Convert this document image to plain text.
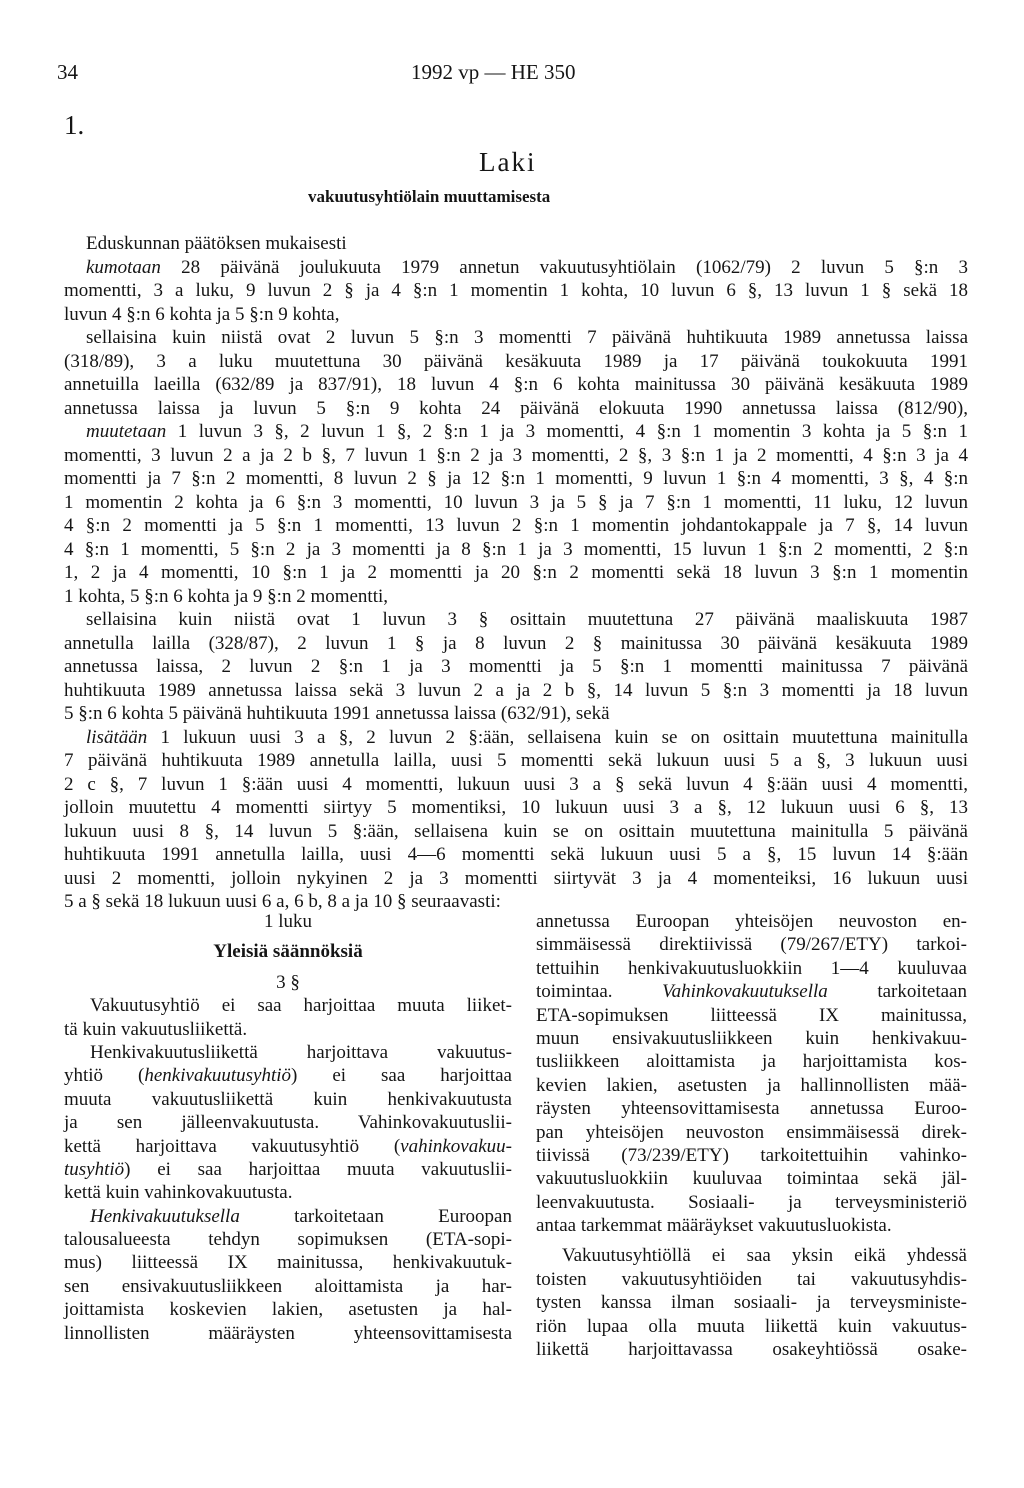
34	1992 vp — HE 350
1.
Laki
vakuutusyhtiölain muuttamisesta
Eduskunnan päätöksen mukaisesti
kumotaan 28 päivänä joulukuuta 1979 annetun vakuutusyhtiölain (1062/79) 2 luvun 5 §:n 3
momentti, 3 a luku, 9 luvun 2 § ja 4 §:n 1 momentin 1 kohta, 10 luvun 6 §, 13 luvun 1 § sekä 18
luvun 4 §:n 6 kohta ja 5 §:n 9 kohta,
sellaisina kuin niistä ovat 2 luvun 5 §:n 3 momentti 7 päivänä huhtikuuta 1989 annetussa laissa
(318/89), 3 a luku muutettuna 30 päivänä kesäkuuta 1989 ja 17 päivänä toukokuuta 1991
annetuilla laeilla (632/89 ja 837/91), 18 luvun 4 §:n 6 kohta mainitussa 30 päivänä kesäkuuta 1989
annetussa laissa ja luvun 5 §:n 9 kohta 24 päivänä elokuuta 1990 annetussa laissa (812/90),
muutetaan 1 luvun 3 §, 2 luvun 1 §, 2 §:n 1 ja 3 momentti, 4 §:n 1 momentin 3 kohta ja 5 §:n 1
momentti, 3 luvun 2 a ja 2 b §, 7 luvun 1 §:n 2 ja 3 momentti, 2 §, 3 §:n 1 ja 2 momentti, 4 §:n 3 ja 4
momentti ja 7 §:n 2 momentti, 8 luvun 2 § ja 12 §:n 1 momentti, 9 luvun 1 §:n 4 momentti, 3 §, 4 §:n
1 momentin 2 kohta ja 6 §:n 3 momentti, 10 luvun 3 ja 5 § ja 7 §:n 1 momentti, 11 luku, 12 luvun
4 §:n 2 momentti ja 5 §:n 1 momentti, 13 luvun 2 §:n 1 momentin johdantokappale ja 7 §, 14 luvun
4 §:n 1 momentti, 5 §:n 2 ja 3 momentti ja 8 §:n 1 ja 3 momentti, 15 luvun 1 §:n 2 momentti, 2 §:n
1, 2 ja 4 momentti, 10 §:n 1 ja 2 momentti ja 20 §:n 2 momentti sekä 18 luvun 3 §:n 1 momentin
1 kohta, 5 §:n 6 kohta ja 9 §:n 2 momentti,
sellaisina kuin niistä ovat 1 luvun 3 § osittain muutettuna 27 päivänä maaliskuuta 1987
annetulla lailla (328/87), 2 luvun 1 § ja 8 luvun 2 § mainitussa 30 päivänä kesäkuuta 1989
annetussa laissa, 2 luvun 2 §:n 1 ja 3 momentti ja 5 §:n 1 momentti mainitussa 7 päivänä
huhtikuuta 1989 annetussa laissa sekä 3 luvun 2 a ja 2 b §, 14 luvun 5 §:n 3 momentti ja 18 luvun
5 §:n 6 kohta 5 päivänä huhtikuuta 1991 annetussa laissa (632/91), sekä
lisätään 1 lukuun uusi 3 a §, 2 luvun 2 §:ään, sellaisena kuin se on osittain muutettuna mainitulla
7 päivänä huhtikuuta 1989 annetulla lailla, uusi 5 momentti sekä lukuun uusi 5 a §, 3 lukuun uusi
2 c §, 7 luvun 1 §:ään uusi 4 momentti, lukuun uusi 3 a § sekä luvun 4 §:ään uusi 4 momentti,
jolloin muutettu 4 momentti siirtyy 5 momentiksi, 10 lukuun uusi 3 a §, 12 lukuun uusi 6 §, 13
lukuun uusi 8 §, 14 luvun 5 §:ään, sellaisena kuin se on osittain muutettuna mainitulla 5 päivänä
huhtikuuta 1991 annetulla lailla, uusi 4—6 momentti sekä lukuun uusi 5 a §, 15 luvun 14 §:ään
uusi 2 momentti, jolloin nykyinen 2 ja 3 momentti siirtyvät 3 ja 4 momenteiksi, 16 lukuun uusi
5 a § sekä 18 lukuun uusi 6 a, 6 b, 8 a ja 10 § seuraavasti:
1 luku
Yleisiä säännöksiä
3 §
Vakuutusyhtiö ei saa harjoittaa muuta liiket-
tä kuin vakuutusliikettä.
Henkivakuutusliikettä harjoittava vakuutus-
yhtiö (henkivakuutusyhtiö) ei saa harjoittaa
muuta vakuutusliikettä kuin henkivakuutusta
ja sen jälleenvakuutusta. Vahinkovakuutuslii-
kettä harjoittava vakuutusyhtiö (vahinkovakuu-
tusyhtiö) ei saa harjoittaa muuta vakuutuslii-
kettä kuin vahinkovakuutusta.
Henkivakuutuksella tarkoitetaan Euroopan
talousalueesta tehdyn sopimuksen (ETA-sopi-
mus) liitteessä IX mainitussa, henkivakuutuk-
sen ensivakuutusliikkeen aloittamista ja har-
joittamista koskevien lakien, asetusten ja hal-
linnollisten määräysten yhteensovittamisesta
annetussa Euroopan yhteisöjen neuvoston en-
simmäisessä direktiivissä (79/267/ETY) tarkoi-
tettuihin henkivakuutusluokkiin 1—4 kuuluvaa
toimintaa. Vahinkovakuutuksella tarkoitetaan
ETA-sopimuksen liitteessä IX mainitussa,
muun ensivakuutusliikkeen kuin henkivakuu-
tusliikkeen aloittamista ja harjoittamista kos-
kevien lakien, asetusten ja hallinnollisten mää-
räysten yhteensovittamisesta annetussa Euroo-
pan yhteisöjen neuvoston ensimmäisessä direk-
tiivissä (73/239/ETY) tarkoitettuihin vahinko-
vakuutusluokkiin kuuluvaa toimintaa sekä jäl-
leenvakuutusta. Sosiaali- ja terveysministeriö
antaa tarkemmat määräykset vakuutusluokista.
Vakuutusyhtiöllä ei saa yksin eikä yhdessä
toisten vakuutusyhtiöiden tai vakuutusyhdis-
tysten kanssa ilman sosiaali- ja terveysministe-
riön lupaa olla muuta liikettä kuin vakuutus-
liikettä harjoittavassa osakeyhtiössä osake-
